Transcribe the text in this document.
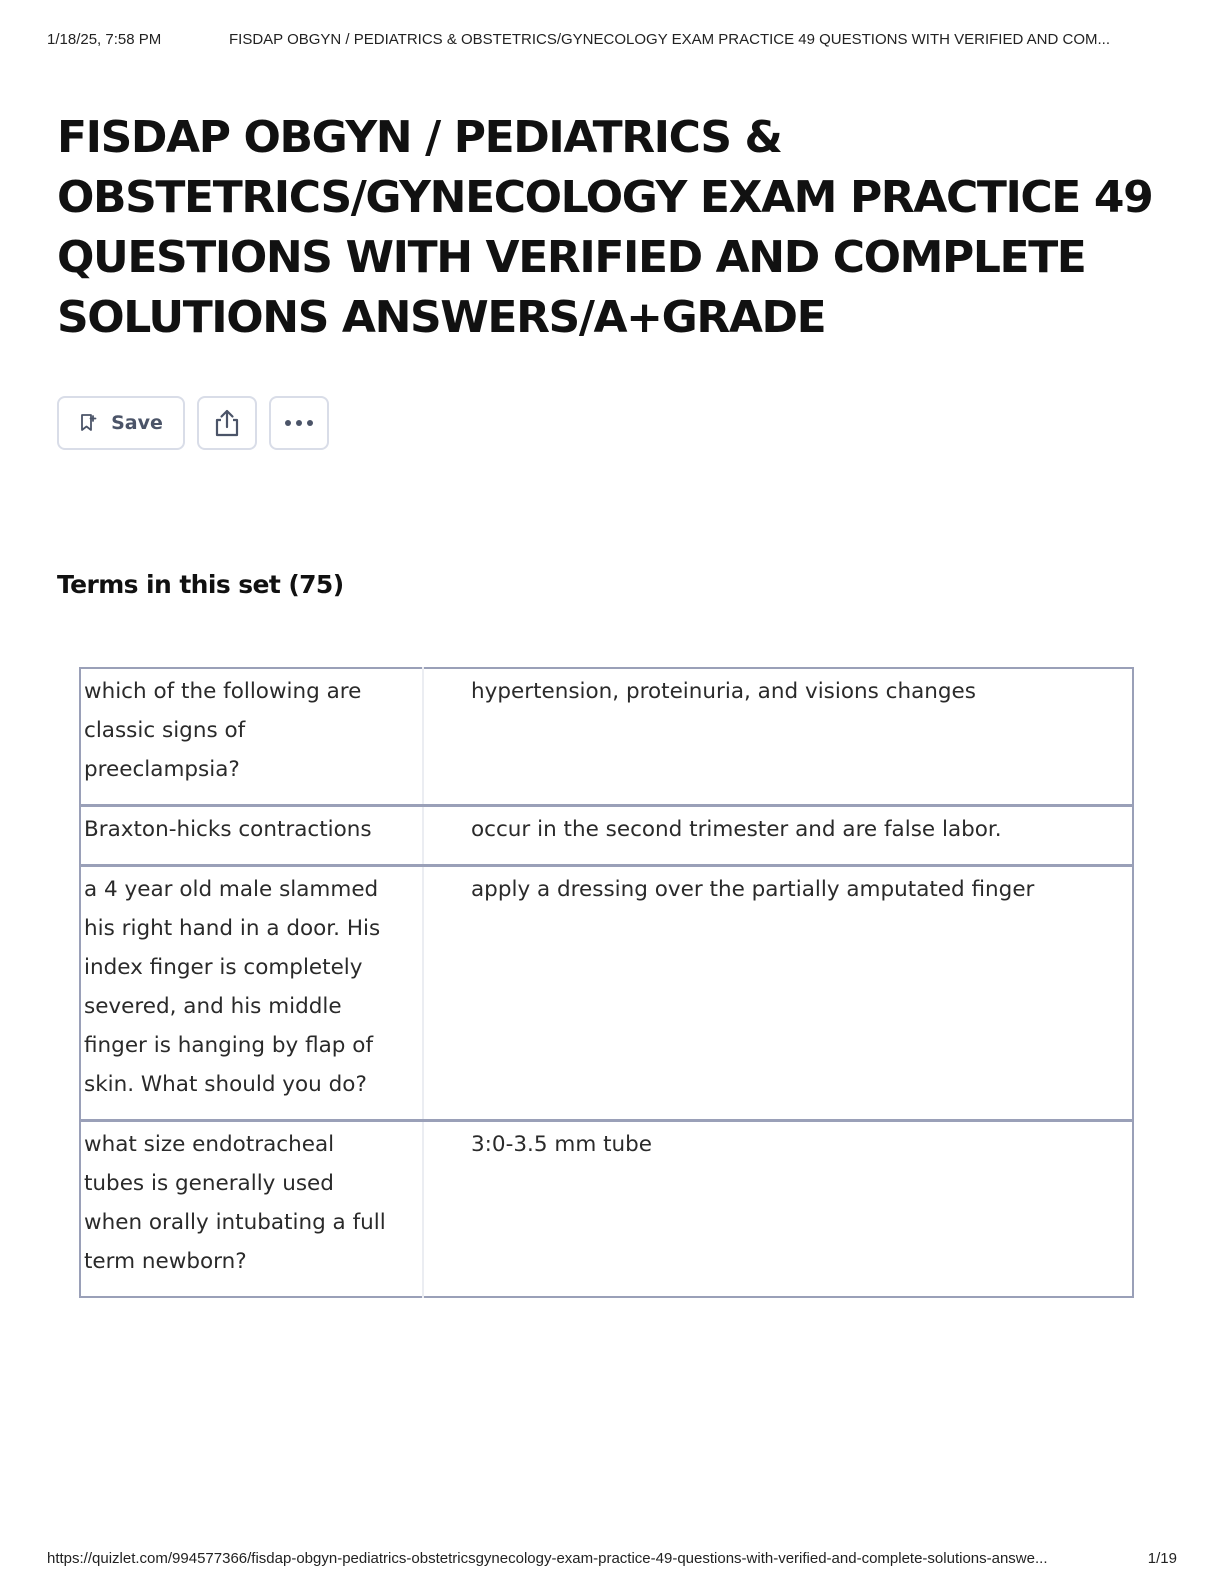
1/18/25, 7:58 PM	FISDAP OBGYN / PEDIATRICS & OBSTETRICS/GYNECOLOGY EXAM PRACTICE 49 QUESTIONS WITH VERIFIED AND COM...
FISDAP OBGYN / PEDIATRICS & OBSTETRICS/GYNECOLOGY EXAM PRACTICE 49 QUESTIONS WITH VERIFIED AND COMPLETE SOLUTIONS ANSWERS/A+GRADE
Save
Terms in this set (75)
which of the following are classic signs of preeclampsia?	hypertension, proteinuria, and visions changes
Braxton-hicks contractions	occur in the second trimester and are false labor.
a 4 year old male slammed his right hand in a door. His index finger is completely severed, and his middle finger is hanging by flap of skin. What should you do?	apply a dressing over the partially amputated finger
what size endotracheal tubes is generally used when orally intubating a full term newborn?	3:0-3.5 mm tube
https://quizlet.com/994577366/fisdap-obgyn-pediatrics-obstetricsgynecology-exam-practice-49-questions-with-verified-and-complete-solutions-answe...	1/19
